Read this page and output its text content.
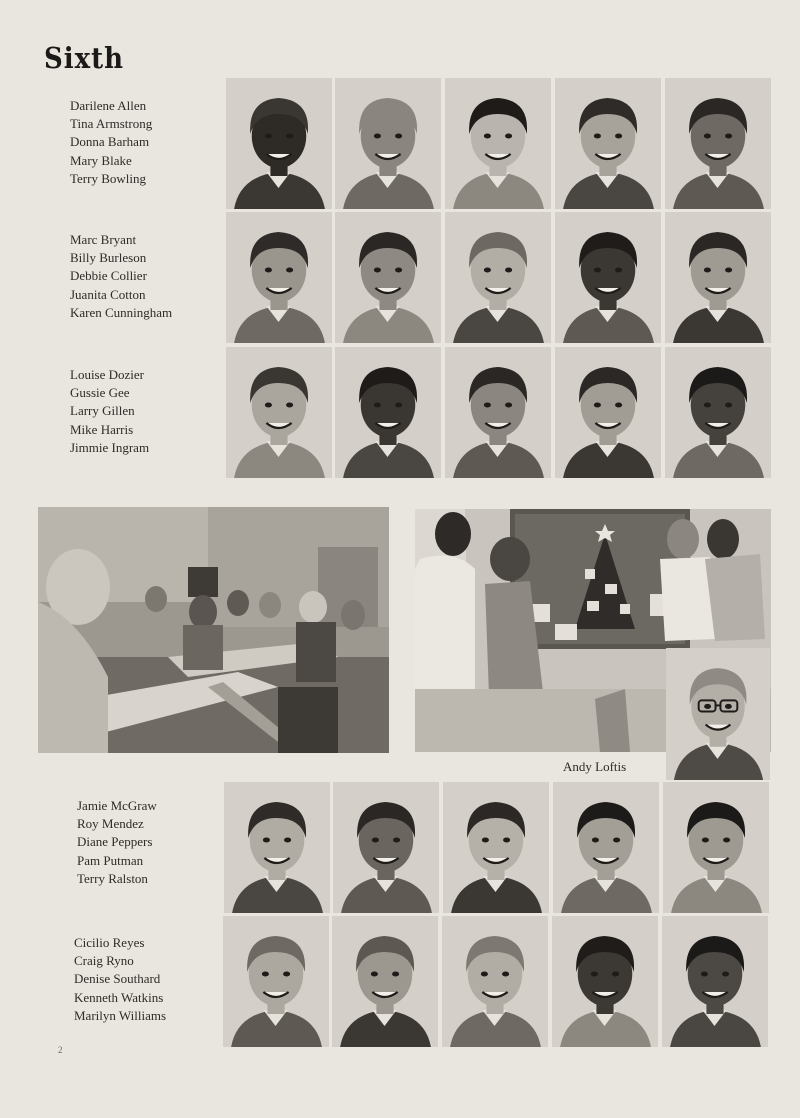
Sixth
Darilene Allen
Tina Armstrong
Donna Barham
Mary Blake
Terry Bowling
Marc Bryant
Billy Burleson
Debbie Collier
Juanita Cotton
Karen Cunningham
Louise Dozier
Gussie Gee
Larry Gillen
Mike Harris
Jimmie Ingram
Jamie McGraw
Roy Mendez
Diane Peppers
Pam Putman
Terry Ralston
Cicilio Reyes
Craig Ryno
Denise Southard
Kenneth Watkins
Marilyn Williams
Andy Loftis
2
